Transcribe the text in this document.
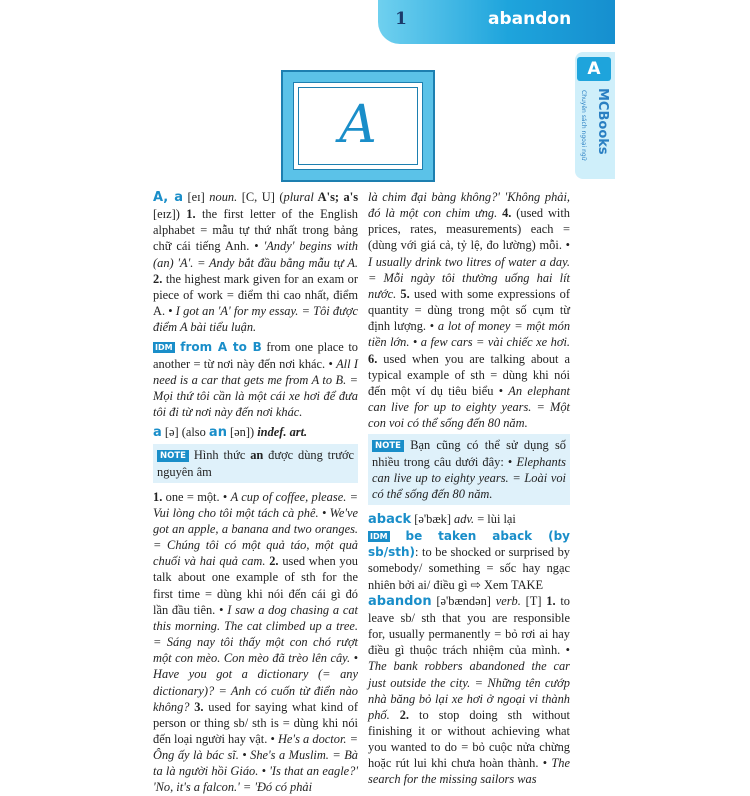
1	abandon
A
MCBooks
Chuyên sách ngoại ngữ
A

A, a [eɪ] noun. [C, U] (plural A's; a's [eɪz]) 1. the first letter of the English alphabet = mẫu tự thứ nhất trong bảng chữ cái tiếng Anh. • 'Andy' begins with (an) 'A'. = Andy bắt đầu bằng mẫu tự A. 2. the highest mark given for an exam or piece of work = điểm thi cao nhất, điểm A. • I got an 'A' for my essay. = Tôi được điểm A bài tiểu luận.

IDM from A to B from one place to another = từ nơi này đến nơi khác. • All I need is a car that gets me from A to B. = Mọi thứ tôi cần là một cái xe hơi để đưa tôi đi từ nơi này đến nơi khác.

a [ə] (also an [ən]) indef. art.

NOTE Hình thức an được dùng trước nguyên âm

1. one = một. • A cup of coffee, please. = Vui lòng cho tôi một tách cà phê. • We've got an apple, a banana and two oranges. = Chúng tôi có một quả táo, một quả chuối và hai quả cam. 2. used when you talk about one example of sth for the first time = dùng khi nói đến cái gì đó lần đầu tiên. • I saw a dog chasing a cat this morning. The cat climbed up a tree. = Sáng nay tôi thấy một con chó rượt một con mèo. Con mèo đã trèo lên cây. • Have you got a dictionary (= any dictionary)? = Anh có cuốn từ điển nào không? 3. used for saying what kind of person or thing sb/ sth is = dùng khi nói đến loại người hay vật. • He's a doctor. = Ông ấy là bác sĩ. • She's a Muslim. = Bà ta là người hồi Giáo. • 'Is that an eagle?' 'No, it's a falcon.' = 'Đó có phải

là chim đại bàng không?' 'Không phải, đó là một con chim ưng. 4. (used with prices, rates, measurements) each = (dùng với giá cả, tỷ lệ, đo lường) mỗi. • I usually drink two litres of water a day. = Mỗi ngày tôi thường uống hai lít nước. 5. used with some expressions of quantity = dùng trong một số cụm từ định lượng. • a lot of money = một món tiền lớn. • a few cars = vài chiếc xe hơi. 6. used when you are talking about a typical example of sth = dùng khi nói đến một ví dụ tiêu biểu • An elephant can live for up to eighty years. = Một con voi có thể sống đến 80 năm.

NOTE Bạn cũng có thể sử dụng số nhiều trong câu dưới đây: • Elephants can live up to eighty years. = Loài voi có thể sống đến 80 năm.

aback [ə'bæk] adv. = lùi lại

IDM be taken aback (by sb/sth): to be shocked or surprised by somebody/ something = sốc hay ngạc nhiên bởi ai/ điều gì ⇨ Xem TAKE

abandon [ə'bændən] verb. [T] 1. to leave sb/ sth that you are responsible for, usually permanently = bỏ rơi ai hay điều gì thuộc trách nhiệm của mình. • The bank robbers abandoned the car just outside the city. = Những tên cướp nhà băng bỏ lại xe hơi ở ngoại vi thành phố. 2. to stop doing sth without finishing it or without achieving what you wanted to do = bỏ cuộc nửa chừng hoặc rút lui khi chưa hoàn thành. • The search for the missing sailors was
